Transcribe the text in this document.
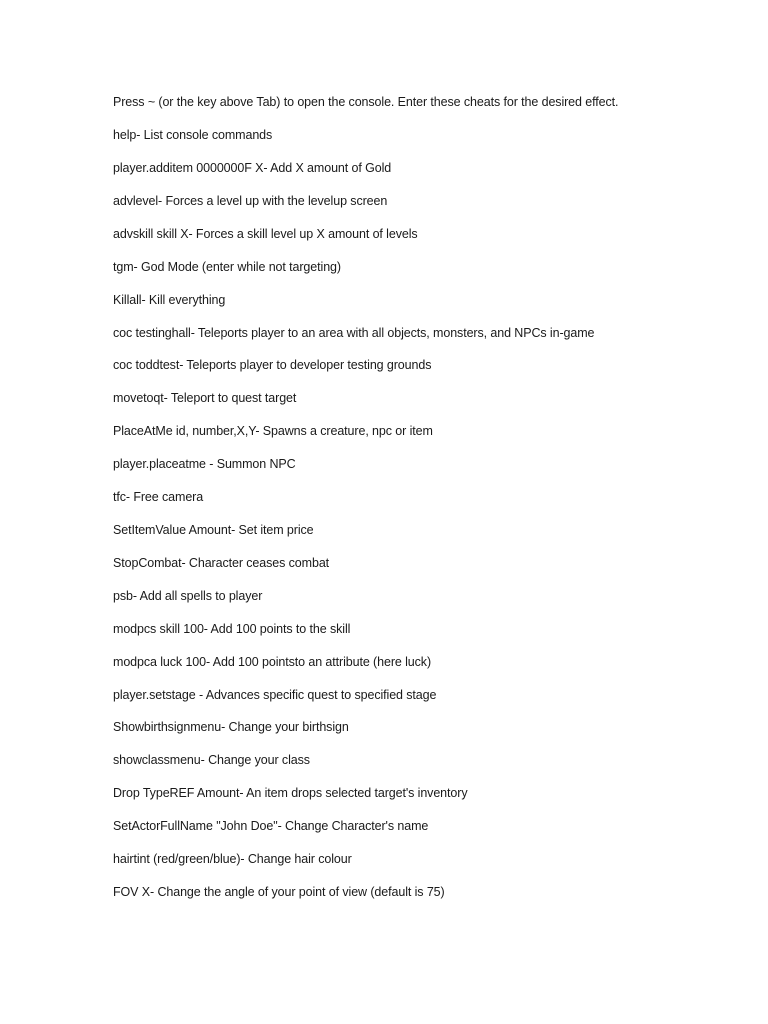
Press ~ (or the key above Tab) to open the console. Enter these cheats for the desired effect.
help- List console commands
player.additem 0000000F X- Add X amount of Gold
advlevel- Forces a level up with the levelup screen
advskill skill X- Forces a skill level up X amount of levels
tgm- God Mode (enter while not targeting)
Killall- Kill everything
coc testinghall- Teleports player to an area with all objects, monsters, and NPCs in-game
coc toddtest- Teleports player to developer testing grounds
movetoqt- Teleport to quest target
PlaceAtMe id, number,X,Y- Spawns a creature, npc or item
player.placeatme - Summon NPC
tfc- Free camera
SetItemValue Amount- Set item price
StopCombat- Character ceases combat
psb- Add all spells to player
modpcs skill 100- Add 100 points to the skill
modpca luck 100- Add 100 pointsto an attribute (here luck)
player.setstage - Advances specific quest to specified stage
Showbirthsignmenu- Change your birthsign
showclassmenu- Change your class
Drop TypeREF Amount- An item drops selected target's inventory
SetActorFullName "John Doe"- Change Character's name
hairtint (red/green/blue)- Change hair colour
FOV X- Change the angle of your point of view (default is 75)
